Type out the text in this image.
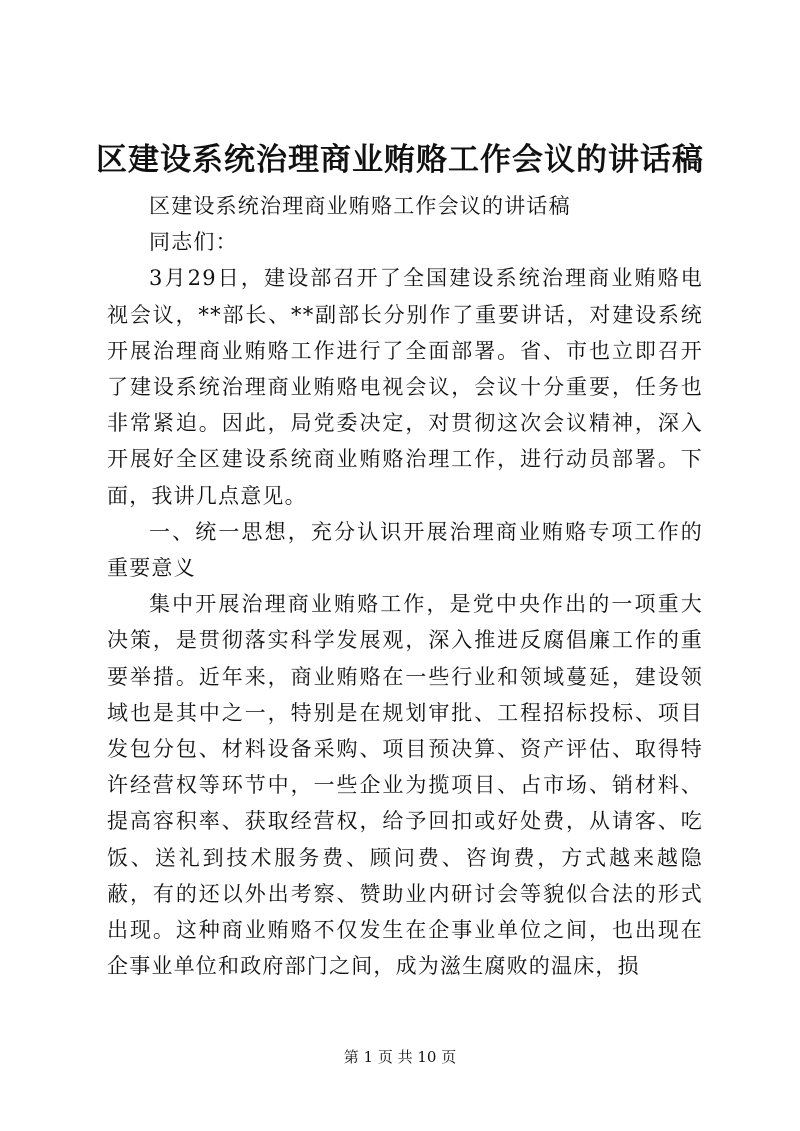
区建设系统治理商业贿赂工作会议的讲话稿

区建设系统治理商业贿赂工作会议的讲话稿

同志们：

3月29日，建设部召开了全国建设系统治理商业贿赂电视会议，**部长、**副部长分别作了重要讲话，对建设系统开展治理商业贿赂工作进行了全面部署。省、市也立即召开了建设系统治理商业贿赂电视会议，会议十分重要，任务也非常紧迫。因此，局党委决定，对贯彻这次会议精神，深入开展好全区建设系统商业贿赂治理工作，进行动员部署。下面，我讲几点意见。

一、统一思想，充分认识开展治理商业贿赂专项工作的重要意义

集中开展治理商业贿赂工作，是党中央作出的一项重大决策，是贯彻落实科学发展观，深入推进反腐倡廉工作的重要举措。近年来，商业贿赂在一些行业和领域蔓延，建设领域也是其中之一，特别是在规划审批、工程招标投标、项目发包分包、材料设备采购、项目预决算、资产评估、取得特许经营权等环节中，一些企业为揽项目、占市场、销材料、提高容积率、获取经营权，给予回扣或好处费，从请客、吃饭、送礼到技术服务费、顾问费、咨询费，方式越来越隐蔽，有的还以外出考察、赞助业内研讨会等貌似合法的形式出现。这种商业贿赂不仅发生在企事业单位之间，也出现在企事业单位和政府部门之间，成为滋生腐败的温床，损

第 1 页 共 10 页
